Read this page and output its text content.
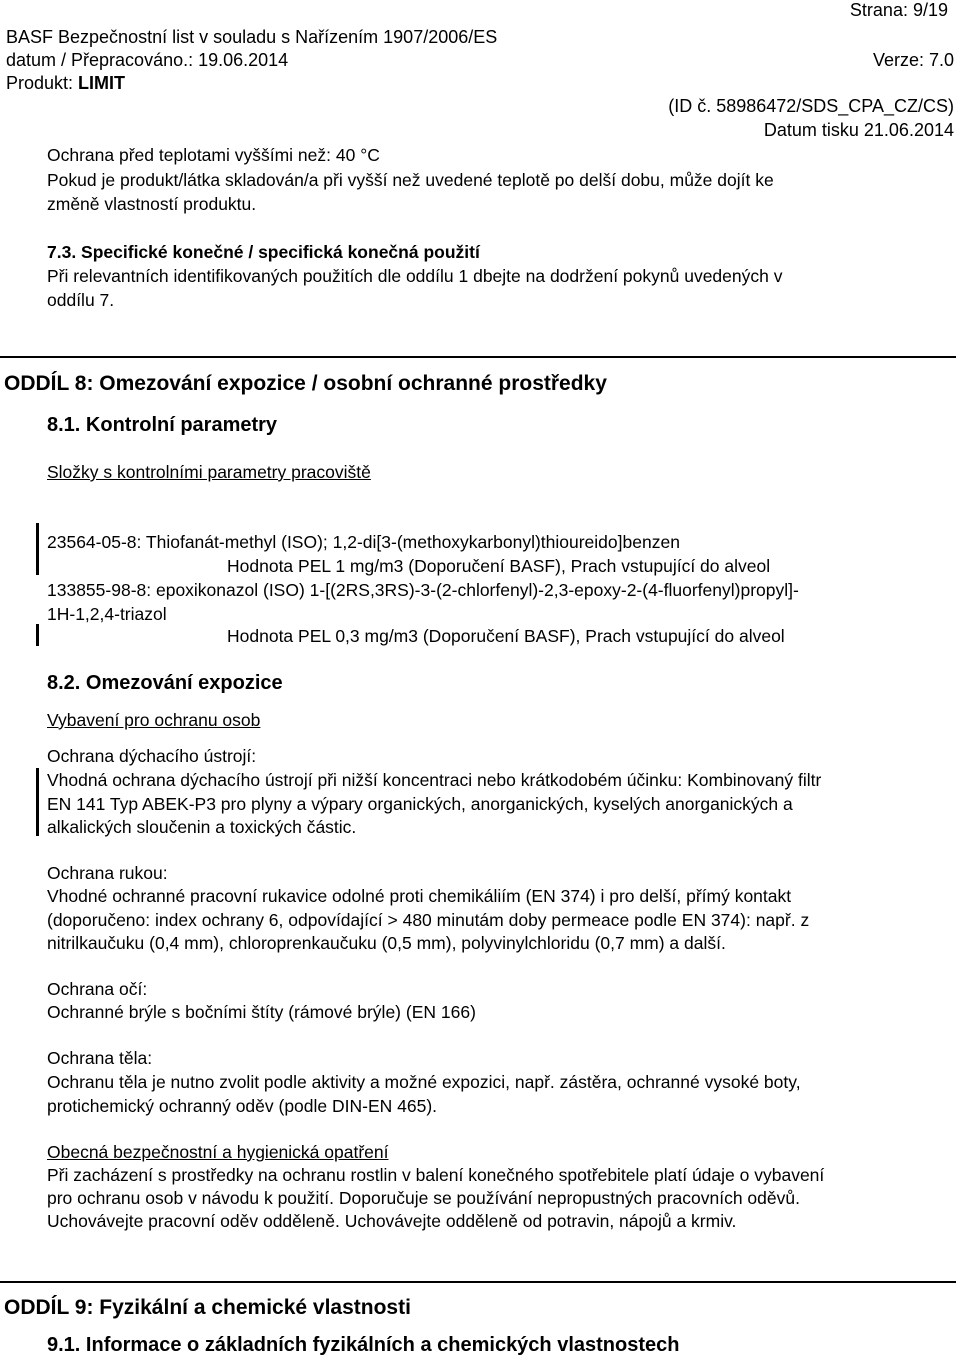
Strana: 9/19
BASF Bezpečnostní list v souladu s Nařízením 1907/2006/ES
datum / Přepracováno.: 19.06.2014	Verze: 7.0
Produkt: LIMIT
(ID č. 58986472/SDS_CPA_CZ/CS)
Datum tisku 21.06.2014
Ochrana před teplotami vyššími než: 40 °C
Pokud je produkt/látka skladován/a při vyšší než uvedené teplotě po delší dobu, může dojít ke
změně vlastností produktu.
7.3. Specifické konečné / specifická konečná použití
Při relevantních identifikovaných použitích dle oddílu 1 dbejte na dodržení pokynů uvedených v
oddílu 7.
ODDÍL 8: Omezování expozice / osobní ochranné prostředky
8.1. Kontrolní parametry
Složky s kontrolními parametry pracoviště
23564-05-8: Thiofanát-methyl (ISO); 1,2-di[3-(methoxykarbonyl)thioureido]benzen
Hodnota PEL 1 mg/m3 (Doporučení BASF), Prach vstupující do alveol
133855-98-8: epoxikonazol (ISO) 1-[(2RS,3RS)-3-(2-chlorfenyl)-2,3-epoxy-2-(4-fluorfenyl)propyl]-
1H-1,2,4-triazol
Hodnota PEL 0,3 mg/m3 (Doporučení BASF), Prach vstupující do alveol
8.2. Omezování expozice
Vybavení pro ochranu osob
Ochrana dýchacího ústrojí:
Vhodná ochrana dýchacího ústrojí při nižší koncentraci nebo krátkodobém účinku: Kombinovaný filtr
EN 141 Typ ABEK-P3 pro plyny a výpary organických, anorganických, kyselých anorganických a
alkalických sloučenin a toxických částic.
Ochrana rukou:
Vhodné ochranné pracovní rukavice odolné proti chemikáliím (EN 374) i pro delší, přímý kontakt
(doporučeno: index ochrany 6, odpovídající > 480 minutám doby permeace podle EN 374): např. z
nitrilkaučuku (0,4 mm), chloroprenkaučuku (0,5 mm), polyvinylchloridu (0,7 mm) a další.
Ochrana očí:
Ochranné brýle s bočními štíty (rámové brýle) (EN 166)
Ochrana těla:
Ochranu těla je nutno zvolit podle aktivity a možné expozici, např. zástěra, ochranné vysoké boty,
protichemický ochranný oděv (podle DIN-EN 465).
Obecná bezpečnostní a hygienická opatření
Při zacházení s prostředky na ochranu rostlin v balení konečného spotřebitele platí údaje o vybavení
pro ochranu osob v návodu k použití. Doporučuje se používání nepropustných pracovních oděvů.
Uchovávejte pracovní oděv odděleně. Uchovávejte odděleně od potravin, nápojů a krmiv.
ODDÍL 9: Fyzikální a chemické vlastnosti
9.1. Informace o základních fyzikálních a chemických vlastnostech
